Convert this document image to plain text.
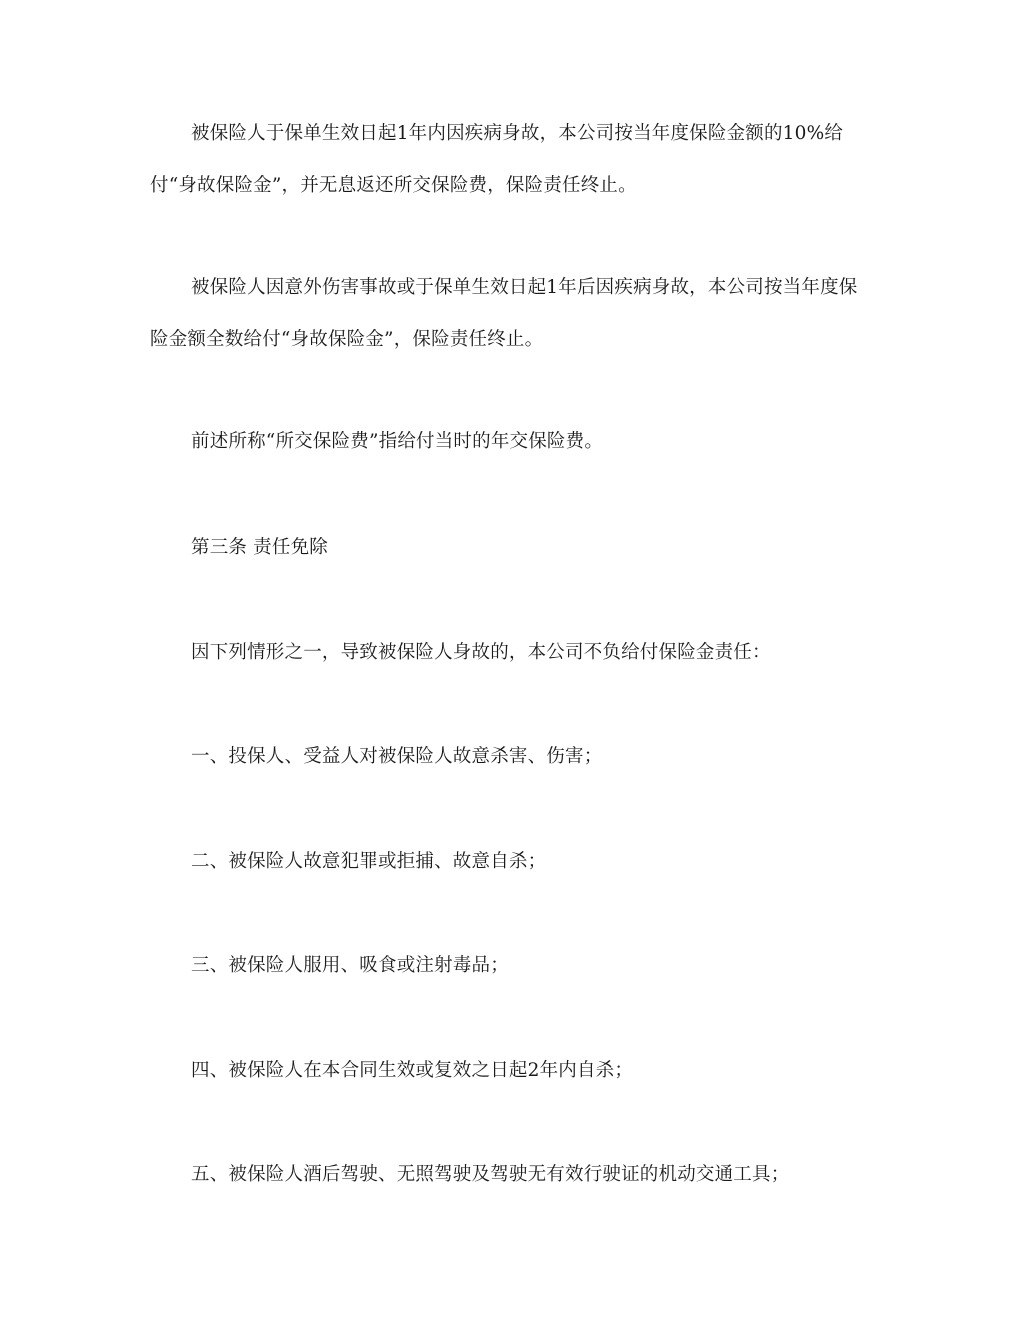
被保险人于保单生效日起1年内因疾病身故，本公司按当年度保险金额的10%给付“身故保险金”，并无息返还所交保险费，保险责任终止。

被保险人因意外伤害事故或于保单生效日起1年后因疾病身故，本公司按当年度保险金额全数给付“身故保险金”，保险责任终止。

前述所称“所交保险费”指给付当时的年交保险费。

第三条 责任免除

因下列情形之一，导致被保险人身故的，本公司不负给付保险金责任：

一、投保人、受益人对被保险人故意杀害、伤害；

二、被保险人故意犯罪或拒捕、故意自杀；

三、被保险人服用、吸食或注射毒品；

四、被保险人在本合同生效或复效之日起2年内自杀；

五、被保险人酒后驾驶、无照驾驶及驾驶无有效行驶证的机动交通工具；
